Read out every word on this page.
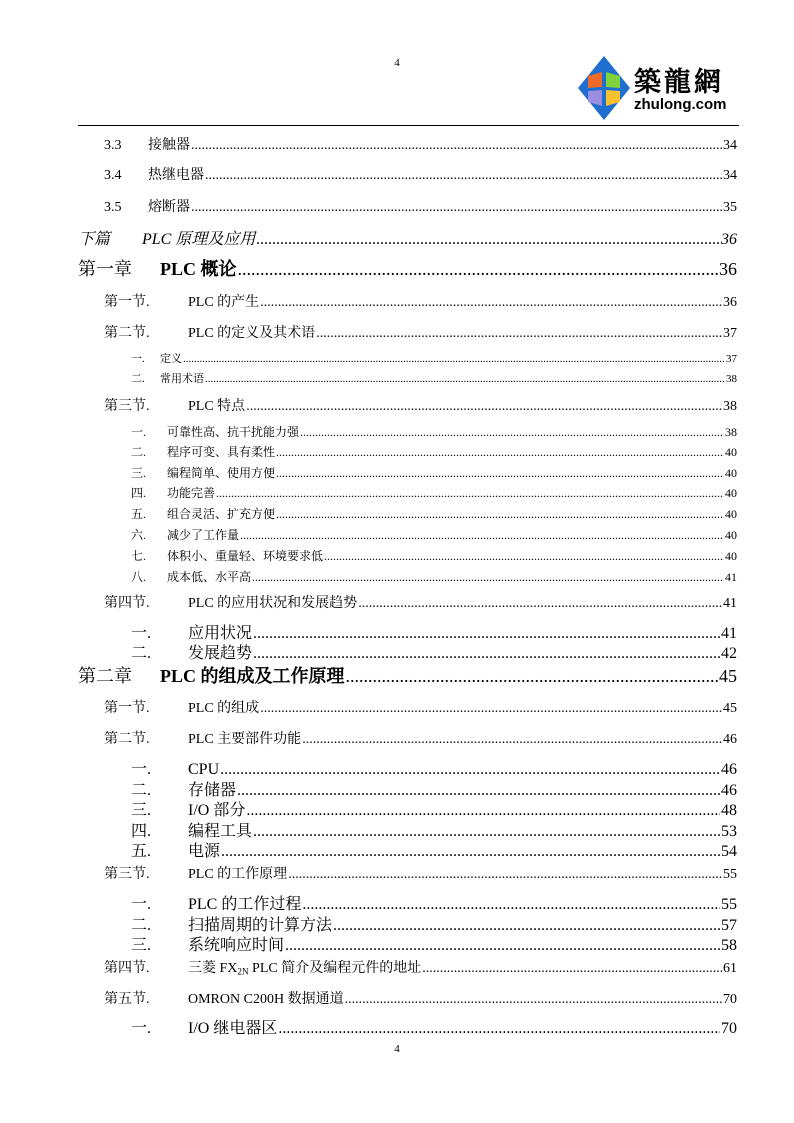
4
築龍網
zhulong.com
3.3	接触器 .....	34
3.4	热继电器 .....	34
3.5	熔断器 .....	35
下篇	PLC 原理及应用 .....	36
第一章	PLC 概论 .....	36
第一节.	PLC 的产生 .....	36
第二节.	PLC 的定义及其术语 .....	37
一.	定义 .....	37
二.	常用术语 .....	38
第三节.	PLC 特点 .....	38
一.	可靠性高、抗干扰能力强 .....	38
二.	程序可变、具有柔性 .....	40
三.	编程简单、使用方便 .....	40
四.	功能完善 .....	40
五.	组合灵活、扩充方便 .....	40
六.	减少了工作量 .....	40
七.	体积小、重量轻、环境要求低 .....	40
八.	成本低、水平高 .....	41
第四节.	PLC 的应用状况和发展趋势 .....	41
一.	应用状况 .....	41
二.	发展趋势 .....	42
第二章	PLC 的组成及工作原理 .....	45
第一节.	PLC 的组成 .....	45
第二节.	PLC 主要部件功能 .....	46
一.	CPU .....	46
二.	存储器 .....	46
三.	I/O 部分 .....	48
四.	编程工具 .....	53
五.	电源 .....	54
第三节.	PLC 的工作原理 .....	55
一.	PLC 的工作过程 .....	55
二.	扫描周期的计算方法 .....	57
三.	系统响应时间 .....	58
第四节.	三菱 $FX_{2N}$ PLC 简介及编程元件的地址 .....	61
第五节.	OMRON C200H 数据通道 .....	70
一.	I/O 继电器区 .....	70
4
